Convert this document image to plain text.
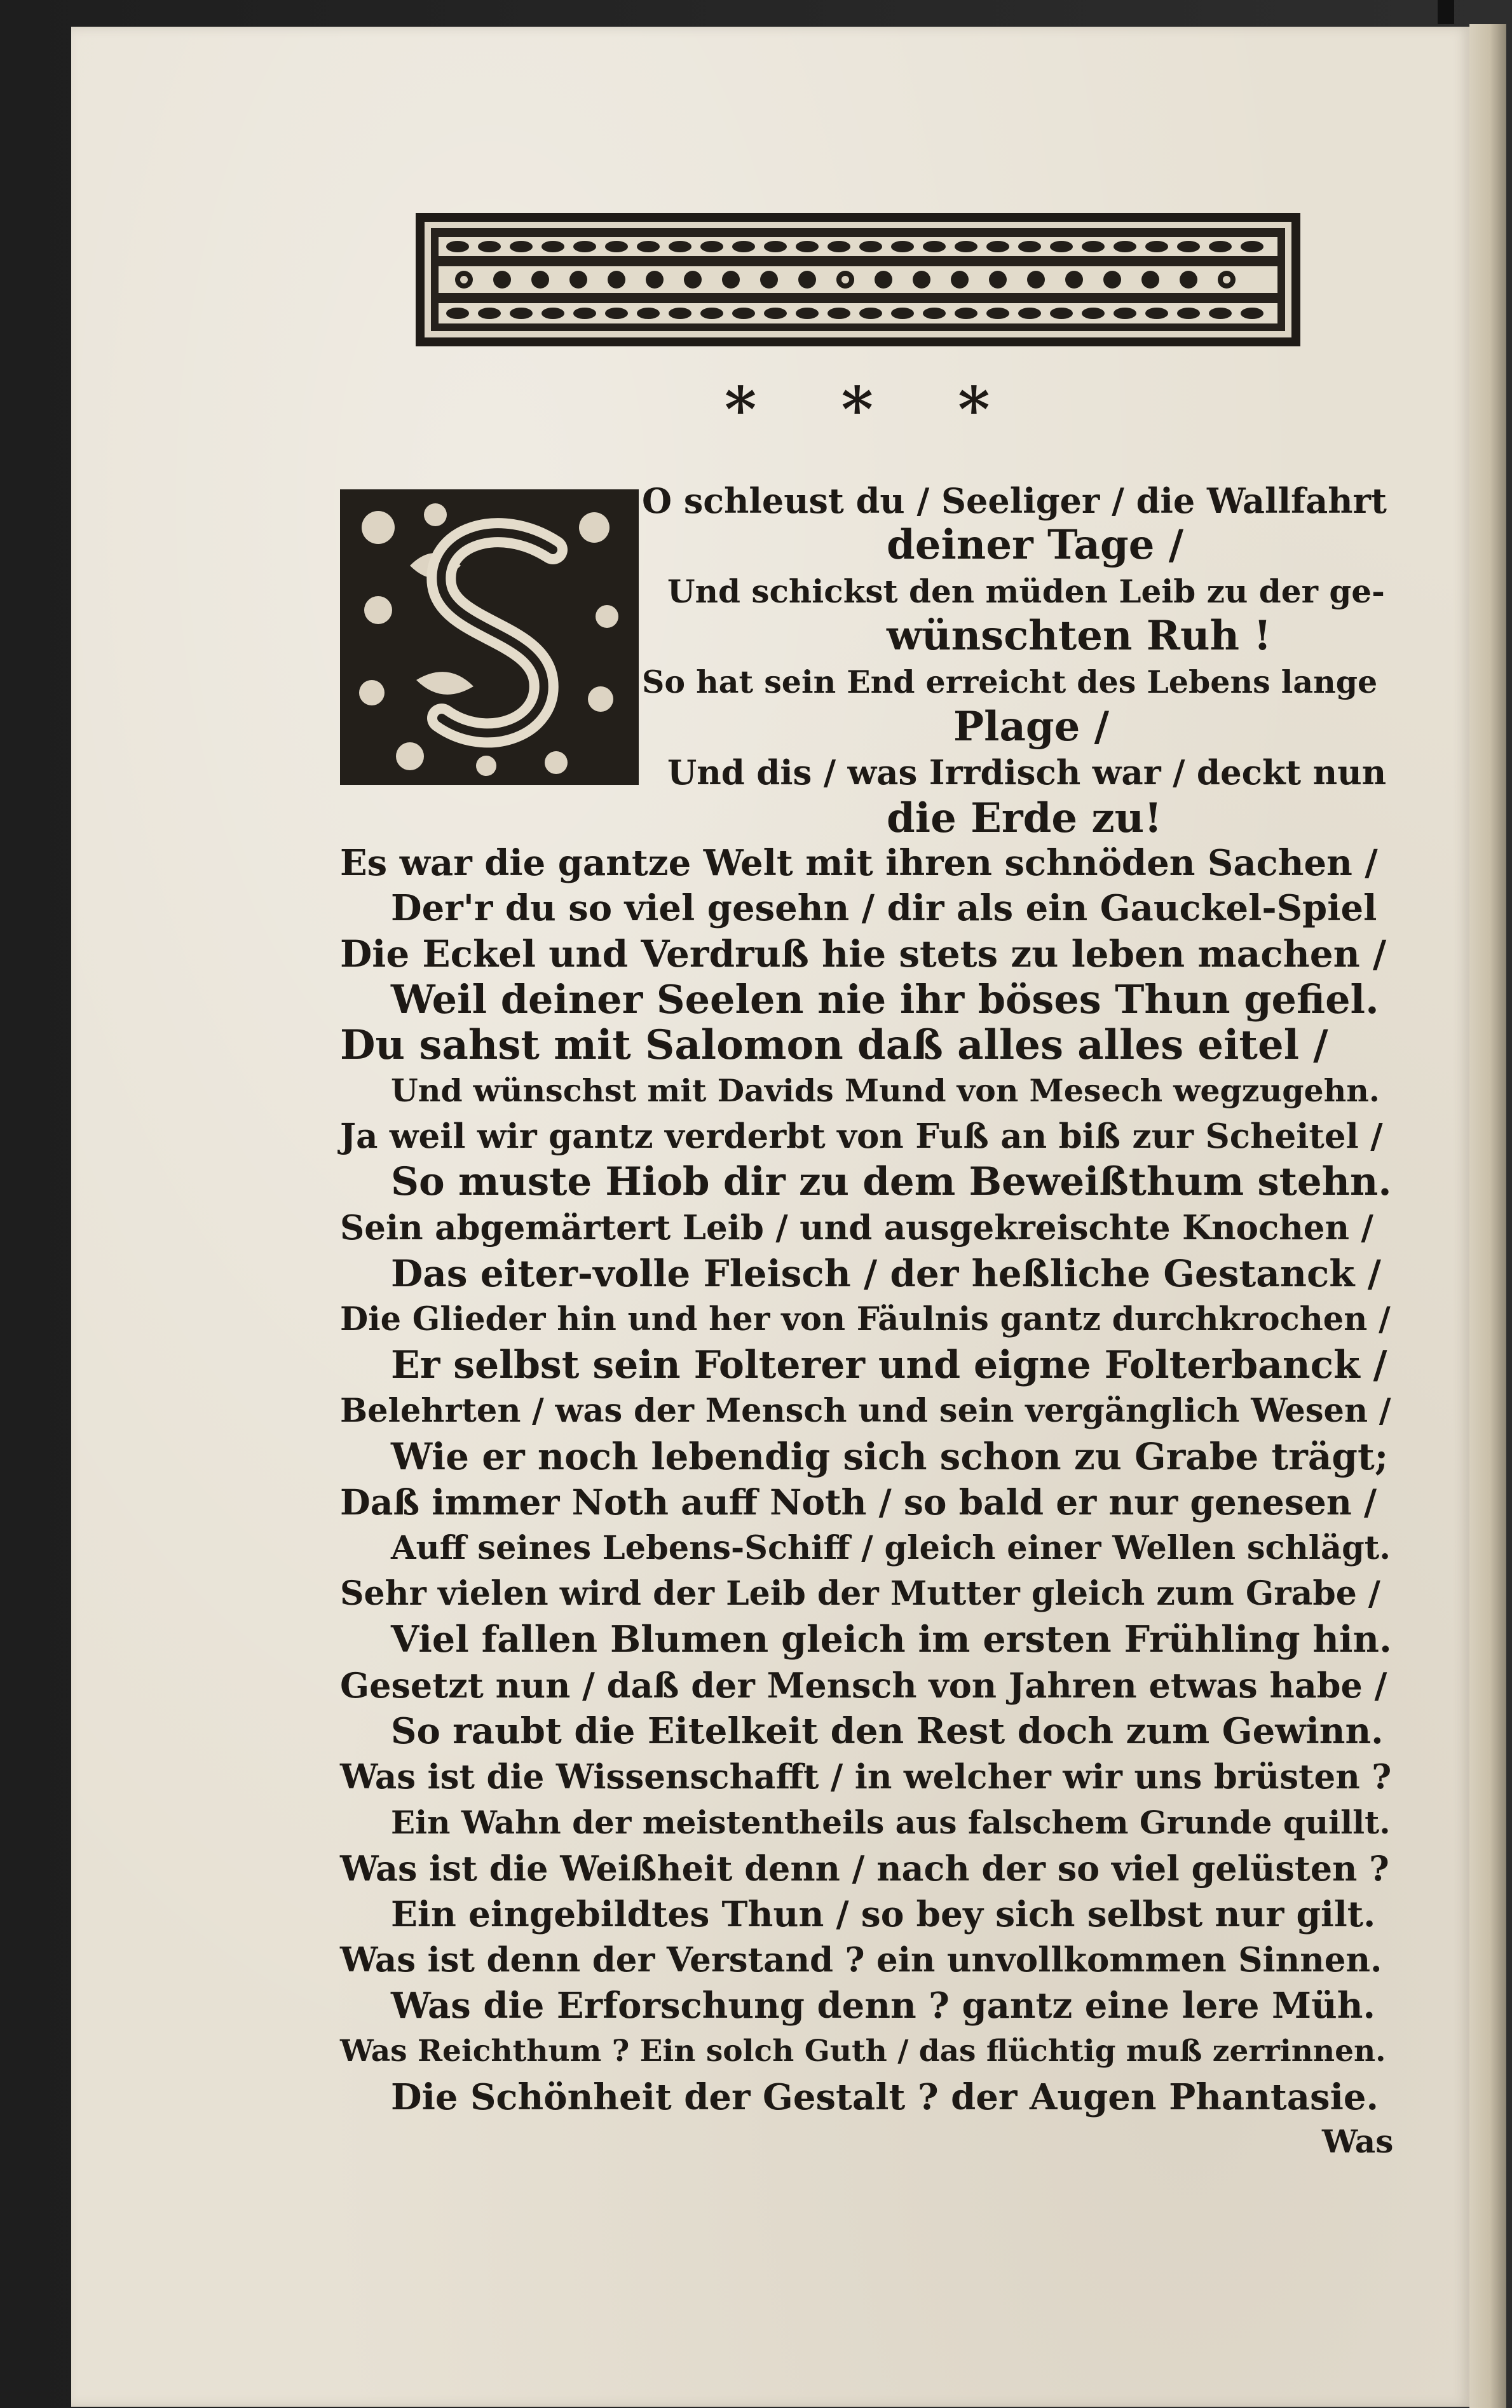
* * *
O schleust du / Seeliger / die Wallfahrt
deiner Tage /
Und schickst den müden Leib zu der ge-
wünschten Ruh !
So hat sein End erreicht des Lebens lange
Plage /
Und dis / was Irrdisch war / deckt nun
die Erde zu!
Es war die gantze Welt mit ihren schnöden Sachen /
Der'r du so viel gesehn / dir als ein Gauckel-Spiel
Die Eckel und Verdruß hie stets zu leben machen /
Weil deiner Seelen nie ihr böses Thun gefiel.
Du sahst mit Salomon daß alles alles eitel /
Und wünschst mit Davids Mund von Mesech wegzugehn.
Ja weil wir gantz verderbt von Fuß an biß zur Scheitel /
So muste Hiob dir zu dem Beweißthum stehn.
Sein abgemärtert Leib / und ausgekreischte Knochen /
Das eiter-volle Fleisch / der heßliche Gestanck /
Die Glieder hin und her von Fäulnis gantz durchkrochen /
Er selbst sein Folterer und eigne Folterbanck /
Belehrten / was der Mensch und sein vergänglich Wesen /
Wie er noch lebendig sich schon zu Grabe trägt;
Daß immer Noth auff Noth / so bald er nur genesen /
Auff seines Lebens-Schiff / gleich einer Wellen schlägt.
Sehr vielen wird der Leib der Mutter gleich zum Grabe /
Viel fallen Blumen gleich im ersten Frühling hin.
Gesetzt nun / daß der Mensch von Jahren etwas habe /
So raubt die Eitelkeit den Rest doch zum Gewinn.
Was ist die Wissenschafft / in welcher wir uns brüsten ?
Ein Wahn der meistentheils aus falschem Grunde quillt.
Was ist die Weißheit denn / nach der so viel gelüsten ?
Ein eingebildtes Thun / so bey sich selbst nur gilt.
Was ist denn der Verstand ? ein unvollkommen Sinnen.
Was die Erforschung denn ? gantz eine lere Müh.
Was Reichthum ? Ein solch Guth / das flüchtig muß zerrinnen.
Die Schönheit der Gestalt ? der Augen Phantasie.
Was
